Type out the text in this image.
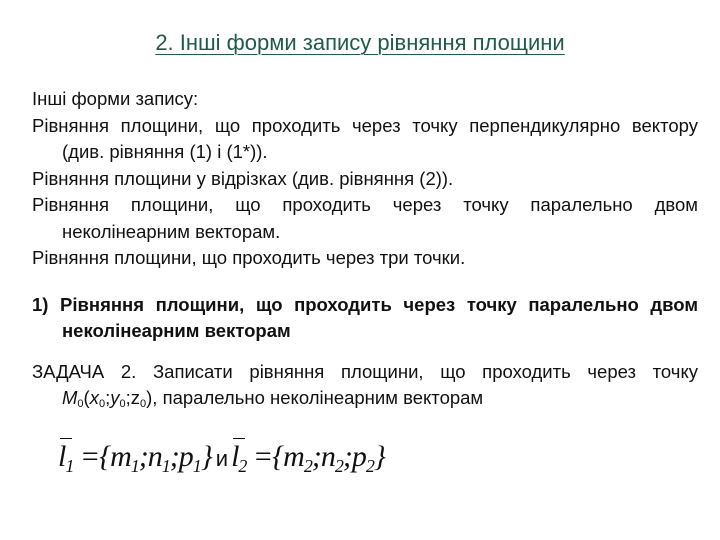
2. Інші форми запису рівняння площини

Інші форми запису:

Рівняння площини, що проходить через точку перпендикулярно вектору (див. рівняння (1) і (1*)).

Рівняння площини у відрізках (див. рівняння (2)).

Рівняння площини, що проходить через точку паралельно двом неколінеарним векторам.

Рівняння площини, що проходить через три точки.

1) Рівняння площини, що проходить через точку паралельно двом неколінеарним векторам

ЗАДАЧА 2. Записати рівняння площини, що проходить через точку $M_0(x_0;y_0;z_0)$, паралельно неколінеарним векторам

$l_1$ $=\{m_1;n_1;p_1\}$ и $l_2$ $=\{m_2;n_2;p_2\}$
